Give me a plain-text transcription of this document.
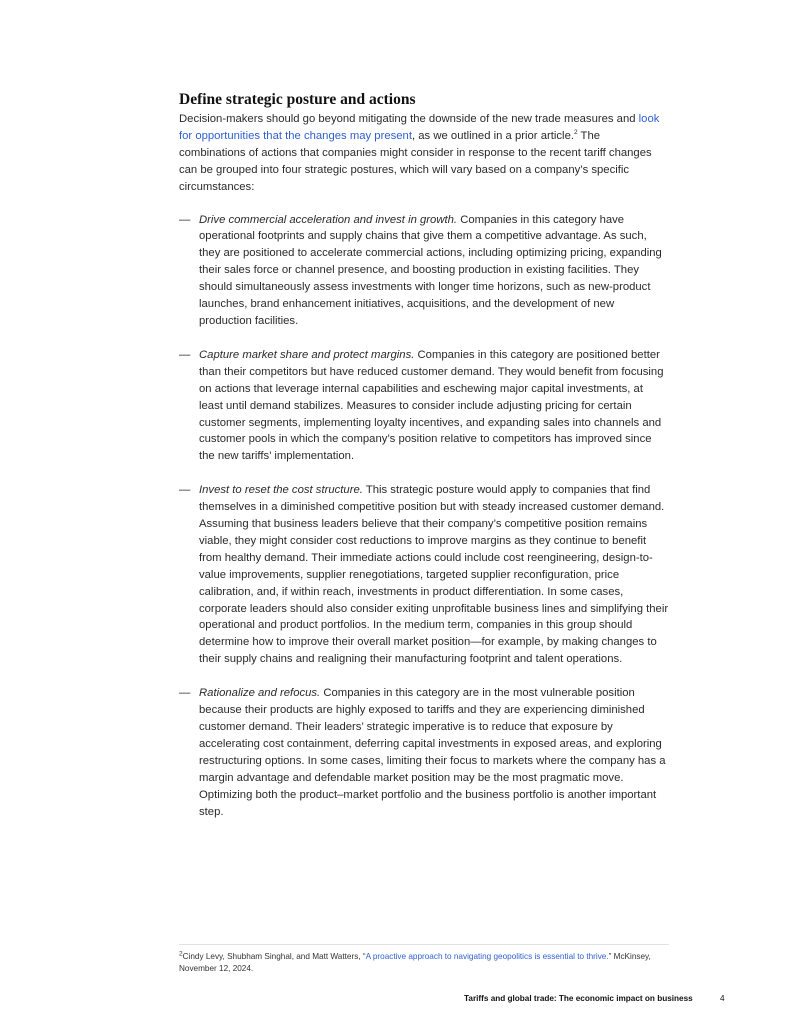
Define strategic posture and actions

Decision-makers should go beyond mitigating the downside of the new trade measures and look for opportunities that the changes may present, as we outlined in a prior article.$^2$ The combinations of actions that companies might consider in response to the recent tariff changes can be grouped into four strategic postures, which will vary based on a company’s specific circumstances:

— Drive commercial acceleration and invest in growth. Companies in this category have operational footprints and supply chains that give them a competitive advantage. As such, they are positioned to accelerate commercial actions, including optimizing pricing, expanding their sales force or channel presence, and boosting production in existing facilities. They should simultaneously assess investments with longer time horizons, such as new-product launches, brand enhancement initiatives, acquisitions, and the development of new production facilities.
— Capture market share and protect margins. Companies in this category are positioned better than their competitors but have reduced customer demand. They would benefit from focusing on actions that leverage internal capabilities and eschewing major capital investments, at least until demand stabilizes. Measures to consider include adjusting pricing for certain customer segments, implementing loyalty incentives, and expanding sales into channels and customer pools in which the company’s position relative to competitors has improved since the new tariffs’ implementation.
— Invest to reset the cost structure. This strategic posture would apply to companies that find themselves in a diminished competitive position but with steady increased customer demand. Assuming that business leaders believe that their company’s competitive position remains viable, they might consider cost reductions to improve margins as they continue to benefit from healthy demand. Their immediate actions could include cost reengineering, design-to-value improvements, supplier renegotiations, targeted supplier reconfiguration, price calibration, and, if within reach, investments in product differentiation. In some cases, corporate leaders should also consider exiting unprofitable business lines and simplifying their operational and product portfolios. In the medium term, companies in this group should determine how to improve their overall market position—for example, by making changes to their supply chains and realigning their manufacturing footprint and talent operations.
— Rationalize and refocus. Companies in this category are in the most vulnerable position because their products are highly exposed to tariffs and they are experiencing diminished customer demand. Their leaders’ strategic imperative is to reduce that exposure by accelerating cost containment, deferring capital investments in exposed areas, and exploring restructuring options. In some cases, limiting their focus to markets where the company has a margin advantage and defendable market position may be the most pragmatic move. Optimizing both the product–market portfolio and the business portfolio is another important step.
$^2$Cindy Levy, Shubham Singhal, and Matt Watters, “A proactive approach to navigating geopolitics is essential to thrive.” McKinsey, November 12, 2024.
Tariffs and global trade: The economic impact on business	4
